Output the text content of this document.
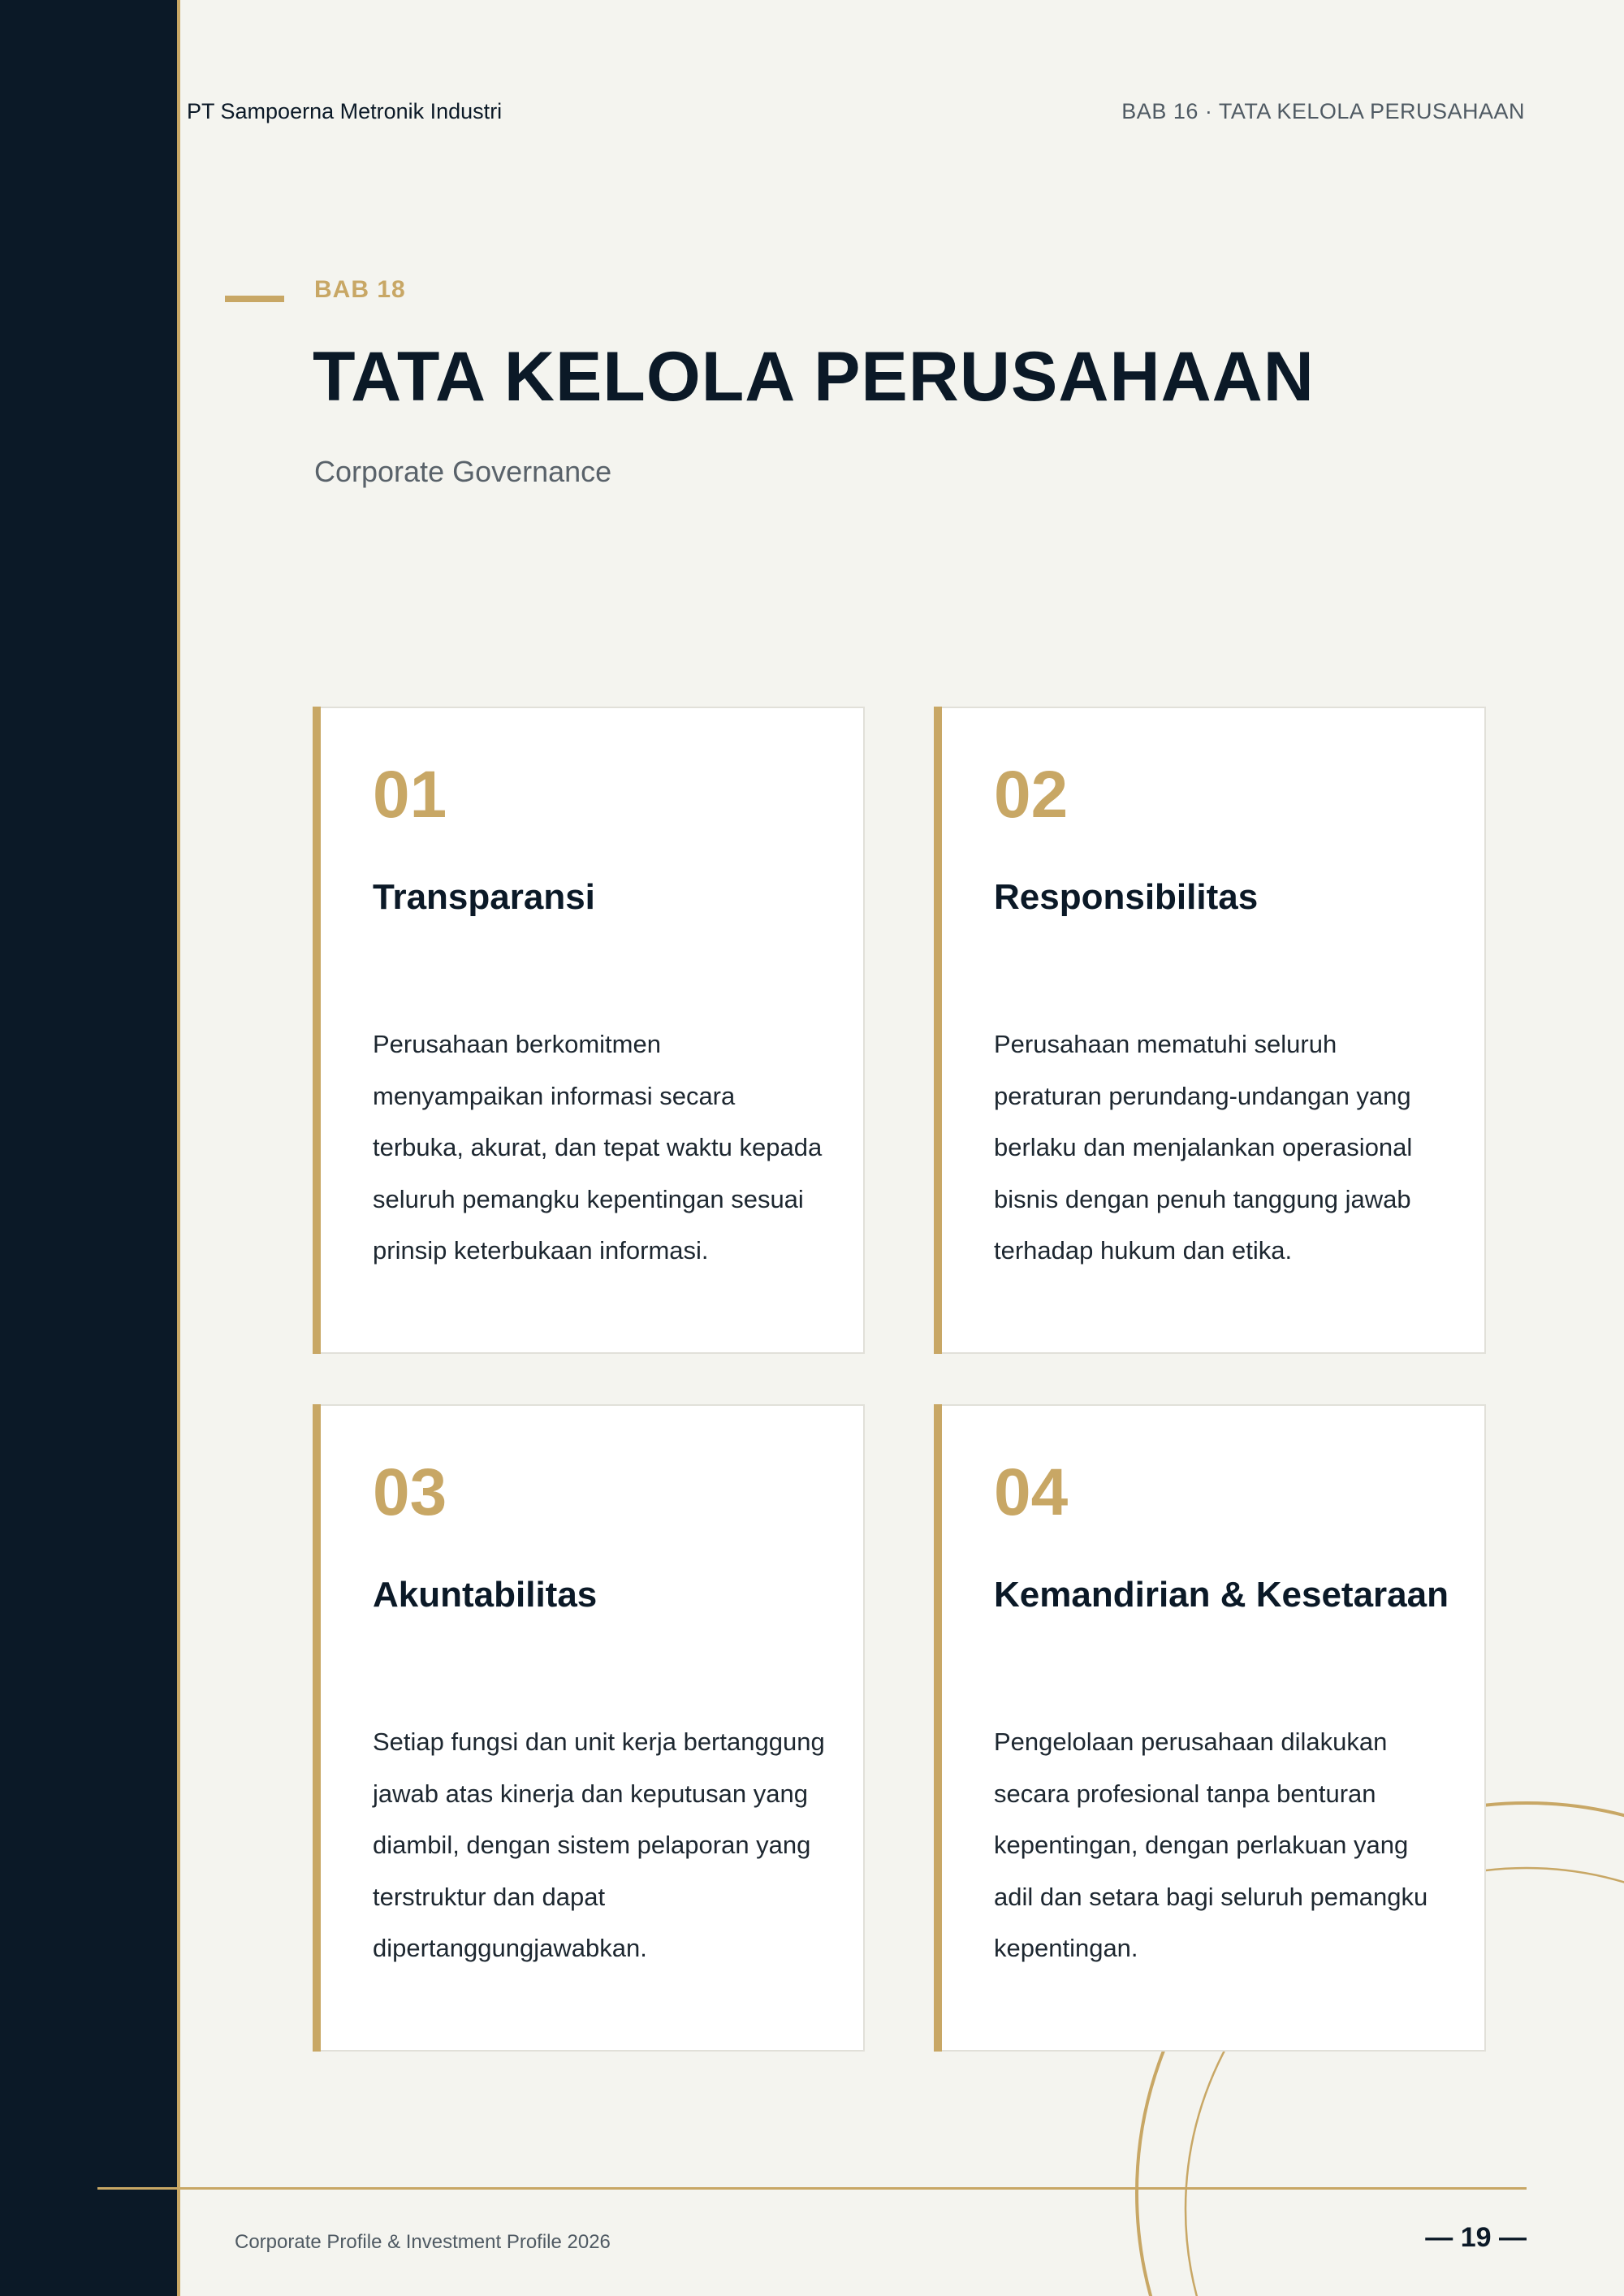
PT Sampoerna Metronik Industri	BAB 16 · TATA KELOLA PERUSAHAAN
BAB 18
TATA KELOLA PERUSAHAAN
Corporate Governance
01
Transparansi
Perusahaan berkomitmen menyampaikan informasi secara terbuka, akurat, dan tepat waktu kepada seluruh pemangku kepentingan sesuai prinsip keterbukaan informasi.
02
Responsibilitas
Perusahaan mematuhi seluruh peraturan perundang-undangan yang berlaku dan menjalankan operasional bisnis dengan penuh tanggung jawab terhadap hukum dan etika.
03
Akuntabilitas
Setiap fungsi dan unit kerja bertanggung jawab atas kinerja dan keputusan yang diambil, dengan sistem pelaporan yang terstruktur dan dapat dipertanggungjawabkan.
04
Kemandirian & Kesetaraan
Pengelolaan perusahaan dilakukan secara profesional tanpa benturan kepentingan, dengan perlakuan yang adil dan setara bagi seluruh pemangku kepentingan.
Corporate Profile & Investment Profile 2026	— 19 —
